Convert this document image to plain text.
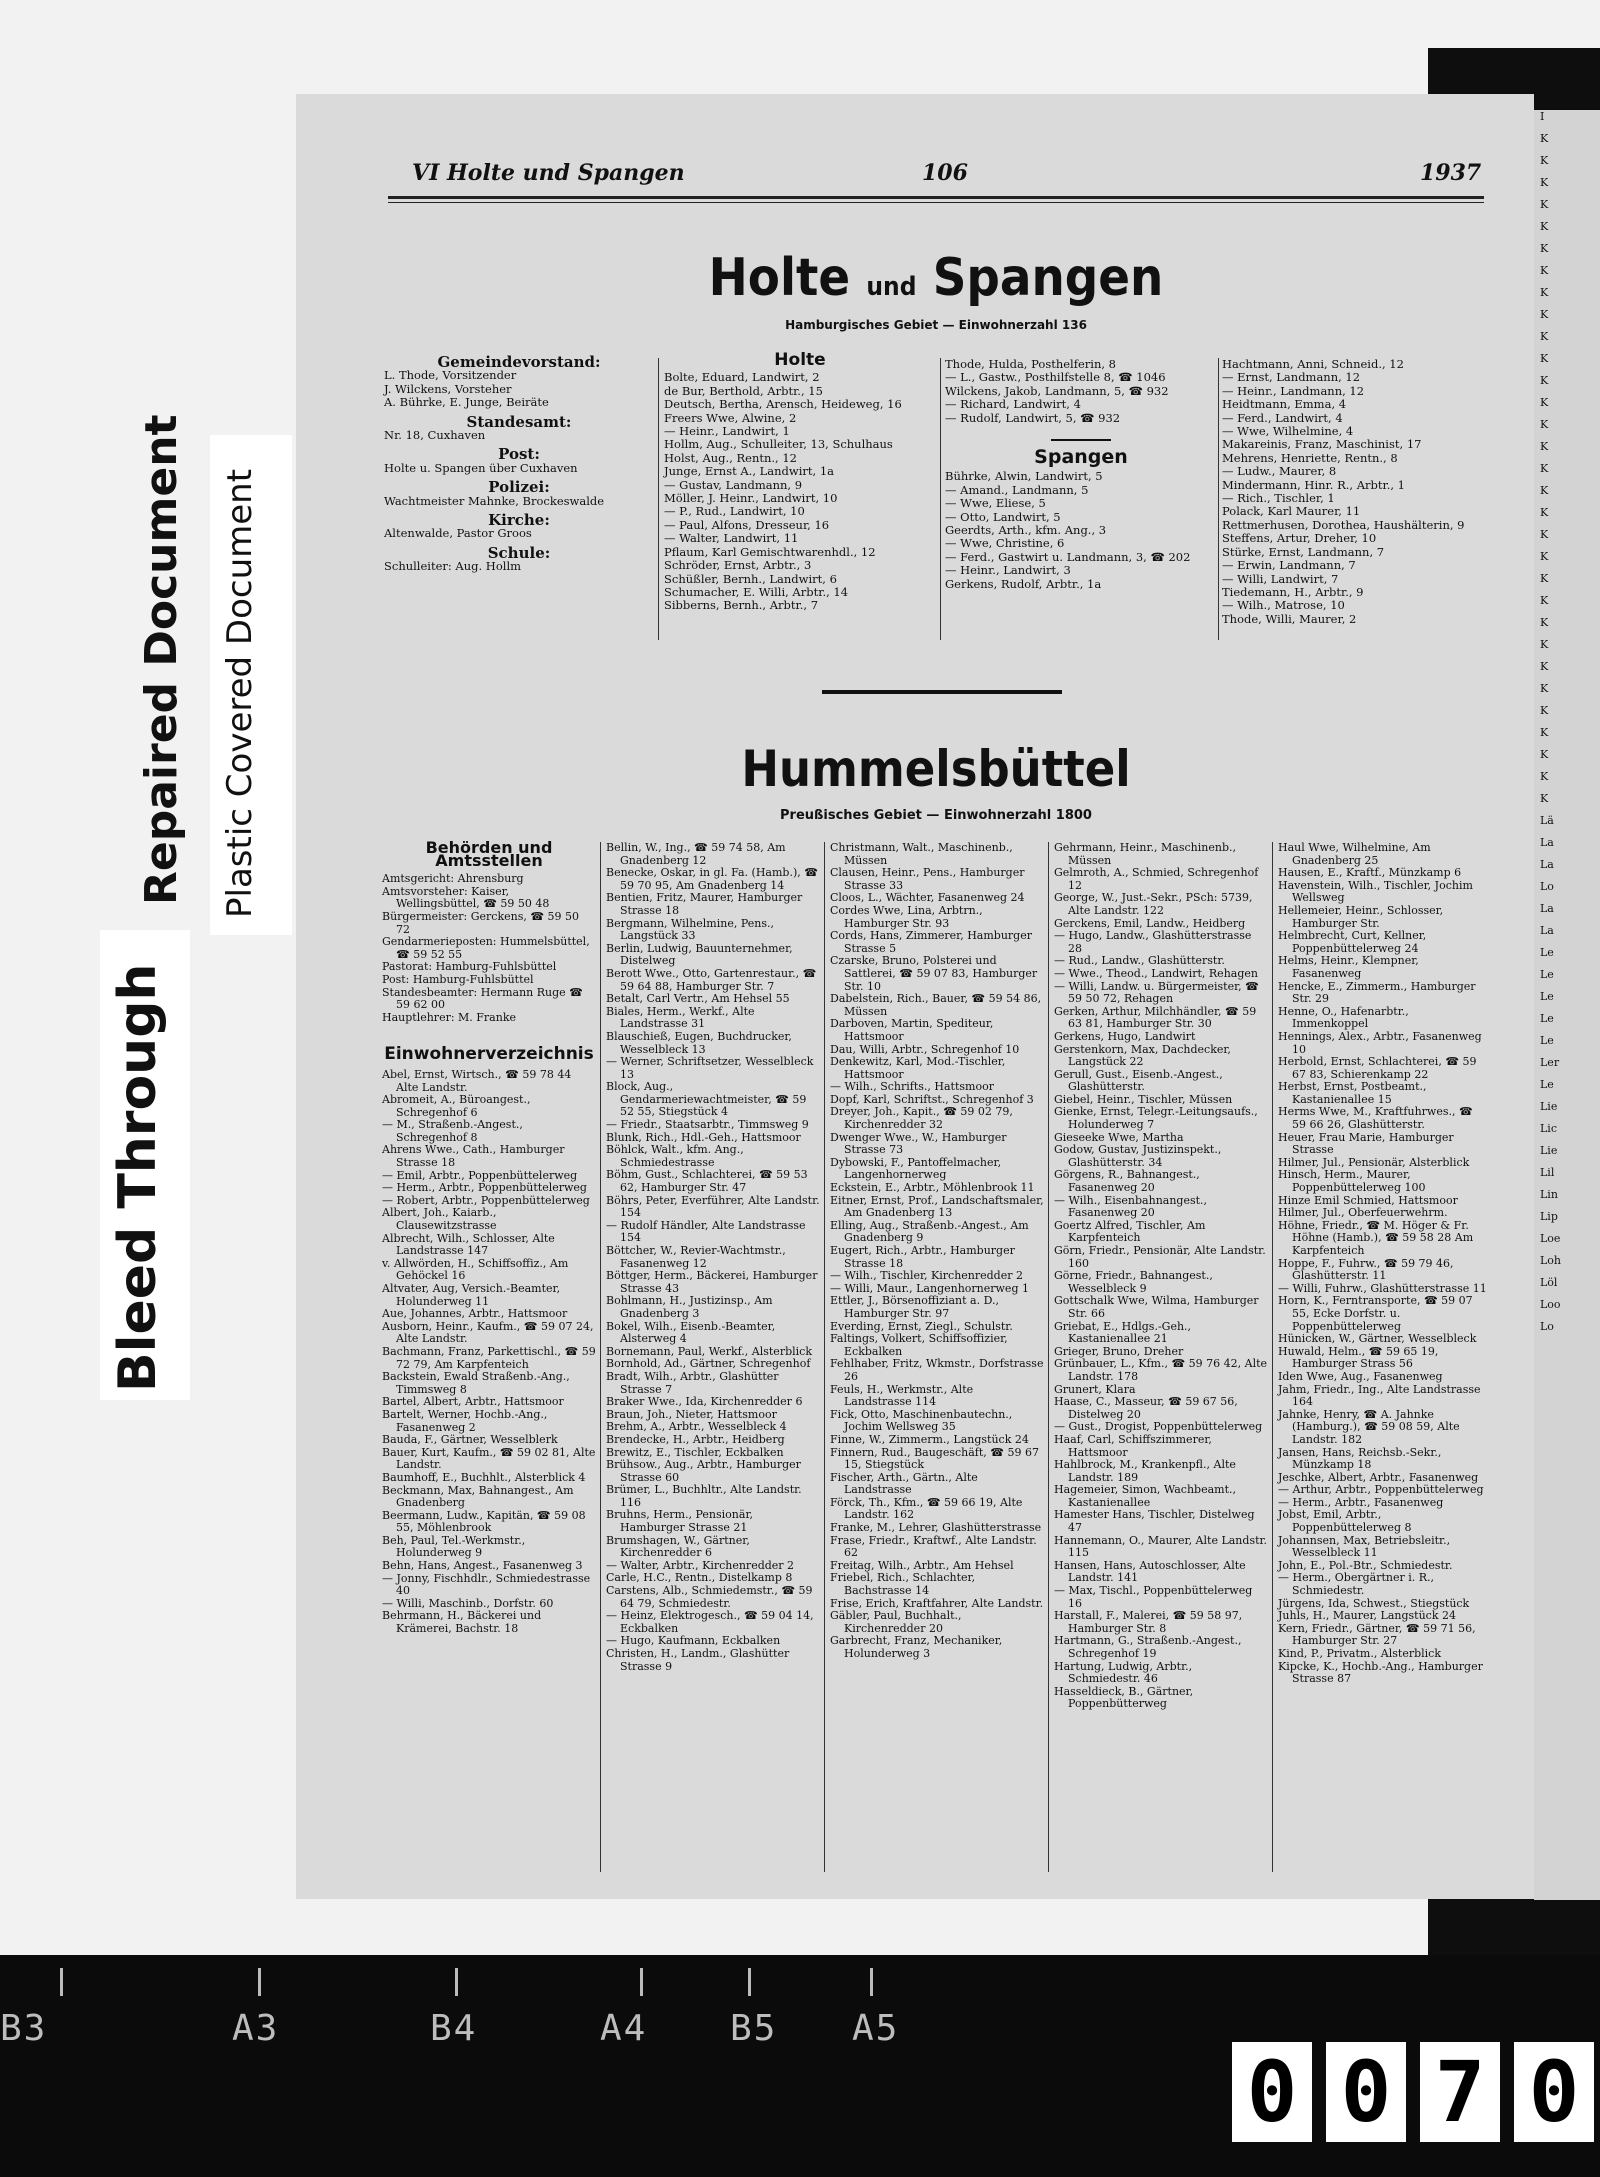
B3	A3	B4	A4 B5 A5
0 0 7 0
Bleed Through
Repaired Document Plastic Covered Document
I
K
K
K
K
K
K
K
K
K
K
K
K
K
K
K
K
K
K
K
K
K
K
K
K
K
K
K
K
K
K
K
Lä
La
La
Lo
La
La
Le
Le
Le
Le
Le
Ler
Le
Lie
Lic
Lie
Lil
Lin
Lip
Loe
Loh
Löl
Loo
Lo
VI Holte und Spangen	106	1937
Holte und Spangen
Hamburgisches Gebiet — Einwohnerzahl 136

Gemeindevorstand:

L. Thode, Vorsitzender

J. Wilckens, Vorsteher

A. Bührke, E. Junge, Beiräte

Standesamt:

Nr. 18, Cuxhaven

Post:

Holte u. Spangen über Cuxhaven

Polizei:

Wachtmeister Mahnke, Brockeswalde

Kirche:

Altenwalde, Pastor Groos

Schule:

Schulleiter: Aug. Hollm

Holte

Bolte, Eduard, Landwirt, 2

de Bur, Berthold, Arbtr., 15

Deutsch, Bertha, Arensch, Heideweg, 16

Freers Wwe, Alwine, 2

— Heinr., Landwirt, 1

Hollm, Aug., Schulleiter, 13, Schulhaus

Holst, Aug., Rentn., 12

Junge, Ernst A., Landwirt, 1a

— Gustav, Landmann, 9

Möller, J. Heinr., Landwirt, 10

— P., Rud., Landwirt, 10

— Paul, Alfons, Dresseur, 16

— Walter, Landwirt, 11

Pflaum, Karl Gemischtwarenhdl., 12

Schröder, Ernst, Arbtr., 3

Schüßler, Bernh., Landwirt, 6

Schumacher, E. Willi, Arbtr., 14

Sibberns, Bernh., Arbtr., 7

Thode, Hulda, Posthelferin, 8

— L., Gastw., Posthilfstelle 8, ☎ 1046

Wilckens, Jakob, Landmann, 5, ☎ 932

— Richard, Landwirt, 4

— Rudolf, Landwirt, 5, ☎ 932

Spangen

Bührke, Alwin, Landwirt, 5

— Amand., Landmann, 5

— Wwe, Eliese, 5

— Otto, Landwirt, 5

Geerdts, Arth., kfm. Ang., 3

— Wwe, Christine, 6

— Ferd., Gastwirt u. Landmann, 3, ☎ 202

— Heinr., Landwirt, 3

Gerkens, Rudolf, Arbtr., 1a

Hachtmann, Anni, Schneid., 12

— Ernst, Landmann, 12

— Heinr., Landmann, 12

Heidtmann, Emma, 4

— Ferd., Landwirt, 4

— Wwe, Wilhelmine, 4

Makareinis, Franz, Maschinist, 17

Mehrens, Henriette, Rentn., 8

— Ludw., Maurer, 8

Mindermann, Hinr. R., Arbtr., 1

— Rich., Tischler, 1

Polack, Karl Maurer, 11

Rettmerhusen, Dorothea, Haushälterin, 9

Steffens, Artur, Dreher, 10

Stürke, Ernst, Landmann, 7

— Erwin, Landmann, 7

— Willi, Landwirt, 7

Tiedemann, H., Arbtr., 9

— Wilh., Matrose, 10

Thode, Willi, Maurer, 2

Hummelsbüttel
Preußisches Gebiet — Einwohnerzahl 1800

Behörden und Amtsstellen

Amtsgericht: Ahrensburg

Amtsvorsteher: Kaiser, Wellingsbüttel, ☎ 59 50 48

Bürgermeister: Gerckens, ☎ 59 50 72

Gendarmerieposten: Hummelsbüttel, ☎ 59 52 55

Pastorat: Hamburg-Fuhlsbüttel

Post: Hamburg-Fuhlsbüttel

Standesbeamter: Hermann Ruge ☎ 59 62 00

Hauptlehrer: M. Franke

Einwohnerverzeichnis

Abel, Ernst, Wirtsch., ☎ 59 78 44 Alte Landstr.

Abromeit, A., Büroangest., Schregenhof 6

— M., Straßenb.-Angest., Schregenhof 8

Ahrens Wwe., Cath., Hamburger Strasse 18

— Emil, Arbtr., Poppenbüttelerweg

— Herm., Arbtr., Poppenbüttelerweg

— Robert, Arbtr., Poppenbüttelerweg

Albert, Joh., Kaiarb., Clausewitzstrasse

Albrecht, Wilh., Schlosser, Alte Landstrasse 147

v. Allwörden, H., Schiffsoffiz., Am Gehöckel 16

Altvater, Aug, Versich.-Beamter, Holunderweg 11

Aue, Johannes, Arbtr., Hattsmoor

Ausborn, Heinr., Kaufm., ☎ 59 07 24, Alte Landstr.

Bachmann, Franz, Parkettischl., ☎ 59 72 79, Am Karpfenteich

Backstein, Ewald Straßenb.-Ang., Timmsweg 8

Bartel, Albert, Arbtr., Hattsmoor

Bartelt, Werner, Hochb.-Ang., Fasanenweg 2

Bauda, F., Gärtner, Wesselblerk

Bauer, Kurt, Kaufm., ☎ 59 02 81, Alte Landstr.

Baumhoff, E., Buchhlt., Alsterblick 4

Beckmann, Max, Bahnangest., Am Gnadenberg

Beermann, Ludw., Kapitän, ☎ 59 08 55, Möhlenbrook

Beh, Paul, Tel.-Werkmstr., Holunderweg 9

Behn, Hans, Angest., Fasanenweg 3

— Jonny, Fischhdlr., Schmiedestrasse 40

— Willi, Maschinb., Dorfstr. 60

Behrmann, H., Bäckerei und Krämerei, Bachstr. 18

Bellin, W., Ing., ☎ 59 74 58, Am Gnadenberg 12

Benecke, Oskar, in gl. Fa. (Hamb.), ☎ 59 70 95, Am Gnadenberg 14

Bentien, Fritz, Maurer, Hamburger Strasse 18

Bergmann, Wilhelmine, Pens., Langstück 33

Berlin, Ludwig, Bauunternehmer, Distelweg

Berott Wwe., Otto, Gartenrestaur., ☎ 59 64 88, Hamburger Str. 7

Betalt, Carl Vertr., Am Hehsel 55

Biales, Herm., Werkf., Alte Landstrasse 31

Blauschieß, Eugen, Buchdrucker, Wesselbleck 13

— Werner, Schriftsetzer, Wesselbleck 13

Block, Aug., Gendarmeriewachtmeister, ☎ 59 52 55, Stiegstück 4

— Friedr., Staatsarbtr., Timmsweg 9

Blunk, Rich., Hdl.-Geh., Hattsmoor

Böhlck, Walt., kfm. Ang., Schmiedestrasse

Böhm, Gust., Schlachterei, ☎ 59 53 62, Hamburger Str. 47

Böhrs, Peter, Everführer, Alte Landstr. 154

— Rudolf Händler, Alte Landstrasse 154

Böttcher, W., Revier-Wachtmstr., Fasanenweg 12

Böttger, Herm., Bäckerei, Hamburger Strasse 43

Bohlmann, H., Justizinsp., Am Gnadenberg 3

Bokel, Wilh., Eisenb.-Beamter, Alsterweg 4

Bornemann, Paul, Werkf., Alsterblick

Bornhold, Ad., Gärtner, Schregenhof

Bradt, Wilh., Arbtr., Glashütter Strasse 7

Braker Wwe., Ida, Kirchenredder 6

Braun, Joh., Nieter, Hattsmoor

Brehm, A., Arbtr., Wesselbleck 4

Brendecke, H., Arbtr., Heidberg

Brewitz, E., Tischler, Eckbalken

Brühsow., Aug., Arbtr., Hamburger Strasse 60

Brümer, L., Buchhltr., Alte Landstr. 116

Bruhns, Herm., Pensionär, Hamburger Strasse 21

Brumshagen, W., Gärtner, Kirchenredder 6

— Walter, Arbtr., Kirchenredder 2

Carle, H.C., Rentn., Distelkamp 8

Carstens, Alb., Schmiedemstr., ☎ 59 64 79, Schmiedestr.

— Heinz, Elektrogesch., ☎ 59 04 14, Eckbalken

— Hugo, Kaufmann, Eckbalken

Christen, H., Landm., Glashütter Strasse 9

Christmann, Walt., Maschinenb., Müssen

Clausen, Heinr., Pens., Hamburger Strasse 33

Cloos, L., Wächter, Fasanenweg 24

Cordes Wwe, Lina, Arbtrn., Hamburger Str. 93

Cords, Hans, Zimmerer, Hamburger Strasse 5

Czarske, Bruno, Polsterei und Sattlerei, ☎ 59 07 83, Hamburger Str. 10

Dabelstein, Rich., Bauer, ☎ 59 54 86, Müssen

Darboven, Martin, Spediteur, Hattsmoor

Dau, Willi, Arbtr., Schregenhof 10

Denkewitz, Karl, Mod.-Tischler, Hattsmoor

— Wilh., Schrifts., Hattsmoor

Dopf, Karl, Schriftst., Schregenhof 3

Dreyer, Joh., Kapit., ☎ 59 02 79, Kirchenredder 32

Dwenger Wwe., W., Hamburger Strasse 73

Dybowski, F., Pantoffelmacher, Langenhornerweg

Eckstein, E., Arbtr., Möhlenbrook 11

Eitner, Ernst, Prof., Landschaftsmaler, Am Gnadenberg 13

Elling, Aug., Straßenb.-Angest., Am Gnadenberg 9

Eugert, Rich., Arbtr., Hamburger Strasse 18

— Wilh., Tischler, Kirchenredder 2

— Willi, Maur., Langenhornerweg 1

Ettler, J., Börsenoffiziant a. D., Hamburger Str. 97

Everding, Ernst, Ziegl., Schulstr.

Faltings, Volkert, Schiffsoffizier, Eckbalken

Fehlhaber, Fritz, Wkmstr., Dorfstrasse 26

Feuls, H., Werkmstr., Alte Landstrasse 114

Fick, Otto, Maschinenbautechn., Jochim Wellsweg 35

Finne, W., Zimmerm., Langstück 24

Finnern, Rud., Baugeschäft, ☎ 59 67 15, Stiegstück

Fischer, Arth., Gärtn., Alte Landstrasse

Förck, Th., Kfm., ☎ 59 66 19, Alte Landstr. 162

Franke, M., Lehrer, Glashütterstrasse

Frase, Friedr., Kraftwf., Alte Landstr. 62

Freitag, Wilh., Arbtr., Am Hehsel

Friebel, Rich., Schlachter, Bachstrasse 14

Frise, Erich, Kraftfahrer, Alte Landstr.

Gäbler, Paul, Buchhalt., Kirchenredder 20

Garbrecht, Franz, Mechaniker, Holunderweg 3

Gehrmann, Heinr., Maschinenb., Müssen

Gelmroth, A., Schmied, Schregenhof 12

George, W., Just.-Sekr., PSch: 5739, Alte Landstr. 122

Gerckens, Emil, Landw., Heidberg

— Hugo, Landw., Glashütterstrasse 28

— Rud., Landw., Glashütterstr.

— Wwe., Theod., Landwirt, Rehagen

— Willi, Landw. u. Bürgermeister, ☎ 59 50 72, Rehagen

Gerken, Arthur, Milchhändler, ☎ 59 63 81, Hamburger Str. 30

Gerkens, Hugo, Landwirt

Gerstenkorn, Max, Dachdecker, Langstück 22

Gerull, Gust., Eisenb.-Angest., Glashütterstr.

Giebel, Heinr., Tischler, Müssen

Gienke, Ernst, Telegr.-Leitungsaufs., Holunderweg 7

Gieseeke Wwe, Martha

Godow, Gustav, Justizinspekt., Glashütterstr. 34

Görgens, R., Bahnangest., Fasanenweg 20

— Wilh., Eisenbahnangest., Fasanenweg 20

Goertz Alfred, Tischler, Am Karpfenteich

Görn, Friedr., Pensionär, Alte Landstr. 160

Görne, Friedr., Bahnangest., Wesselbleck 9

Gottschalk Wwe, Wilma, Hamburger Str. 66

Griebat, E., Hdlgs.-Geh., Kastanienallee 21

Grieger, Bruno, Dreher

Grünbauer, L., Kfm., ☎ 59 76 42, Alte Landstr. 178

Grunert, Klara

Haase, C., Masseur, ☎ 59 67 56, Distelweg 20

— Gust., Drogist, Poppenbüttelerweg

Haaf, Carl, Schiffszimmerer, Hattsmoor

Hahlbrock, M., Krankenpfl., Alte Landstr. 189

Hagemeier, Simon, Wachbeamt., Kastanienallee

Hamester Hans, Tischler, Distelweg 47

Hannemann, O., Maurer, Alte Landstr. 115

Hansen, Hans, Autoschlosser, Alte Landstr. 141

— Max, Tischl., Poppenbüttelerweg 16

Harstall, F., Malerei, ☎ 59 58 97, Hamburger Str. 8

Hartmann, G., Straßenb.-Angest., Schregenhof 19

Hartung, Ludwig, Arbtr., Schmiedestr. 46

Hasseldieck, B., Gärtner, Poppenbütterweg

Haul Wwe, Wilhelmine, Am Gnadenberg 25

Hausen, E., Kraftf., Münzkamp 6

Havenstein, Wilh., Tischler, Jochim Wellsweg

Hellemeier, Heinr., Schlosser, Hamburger Str.

Helmbrecht, Curt, Kellner, Poppenbüttelerweg 24

Helms, Heinr., Klempner, Fasanenweg

Hencke, E., Zimmerm., Hamburger Str. 29

Henne, O., Hafenarbtr., Immenkoppel

Hennings, Alex., Arbtr., Fasanenweg 10

Herbold, Ernst, Schlachterei, ☎ 59 67 83, Schierenkamp 22

Herbst, Ernst, Postbeamt., Kastanienallee 15

Herms Wwe, M., Kraftfuhrwes., ☎ 59 66 26, Glashütterstr.

Heuer, Frau Marie, Hamburger Strasse

Hilmer, Jul., Pensionär, Alsterblick

Hinsch, Herm., Maurer, Poppenbüttelerweg 100

Hinze Emil Schmied, Hattsmoor

Hilmer, Jul., Oberfeuerwehrm.

Höhne, Friedr., ☎ M. Höger & Fr. Höhne (Hamb.), ☎ 59 58 28 Am Karpfenteich

Hoppe, F., Fuhrw., ☎ 59 79 46, Glashütterstr. 11

— Willi, Fuhrw., Glashütterstrasse 11

Horn, K., Ferntransporte, ☎ 59 07 55, Ecke Dorfstr. u. Poppenbüttelerweg

Hünicken, W., Gärtner, Wesselbleck

Huwald, Helm., ☎ 59 65 19, Hamburger Strass 56

Iden Wwe, Aug., Fasanenweg

Jahm, Friedr., Ing., Alte Landstrasse 164

Jahnke, Henry, ☎ A. Jahnke (Hamburg.), ☎ 59 08 59, Alte Landstr. 182

Jansen, Hans, Reichsb.-Sekr., Münzkamp 18

Jeschke, Albert, Arbtr., Fasanenweg

— Arthur, Arbtr., Poppenbüttelerweg

— Herm., Arbtr., Fasanenweg

Jobst, Emil, Arbtr., Poppenbüttelerweg 8

Johannsen, Max, Betriebsleitr., Wesselbleck 11

John, E., Pol.-Btr., Schmiedestr.

— Herm., Obergärtner i. R., Schmiedestr.

Jürgens, Ida, Schwest., Stiegstück

Juhls, H., Maurer, Langstück 24

Kern, Friedr., Gärtner, ☎ 59 71 56, Hamburger Str. 27

Kind, P., Privatm., Alsterblick

Kipcke, K., Hochb.-Ang., Hamburger Strasse 87
